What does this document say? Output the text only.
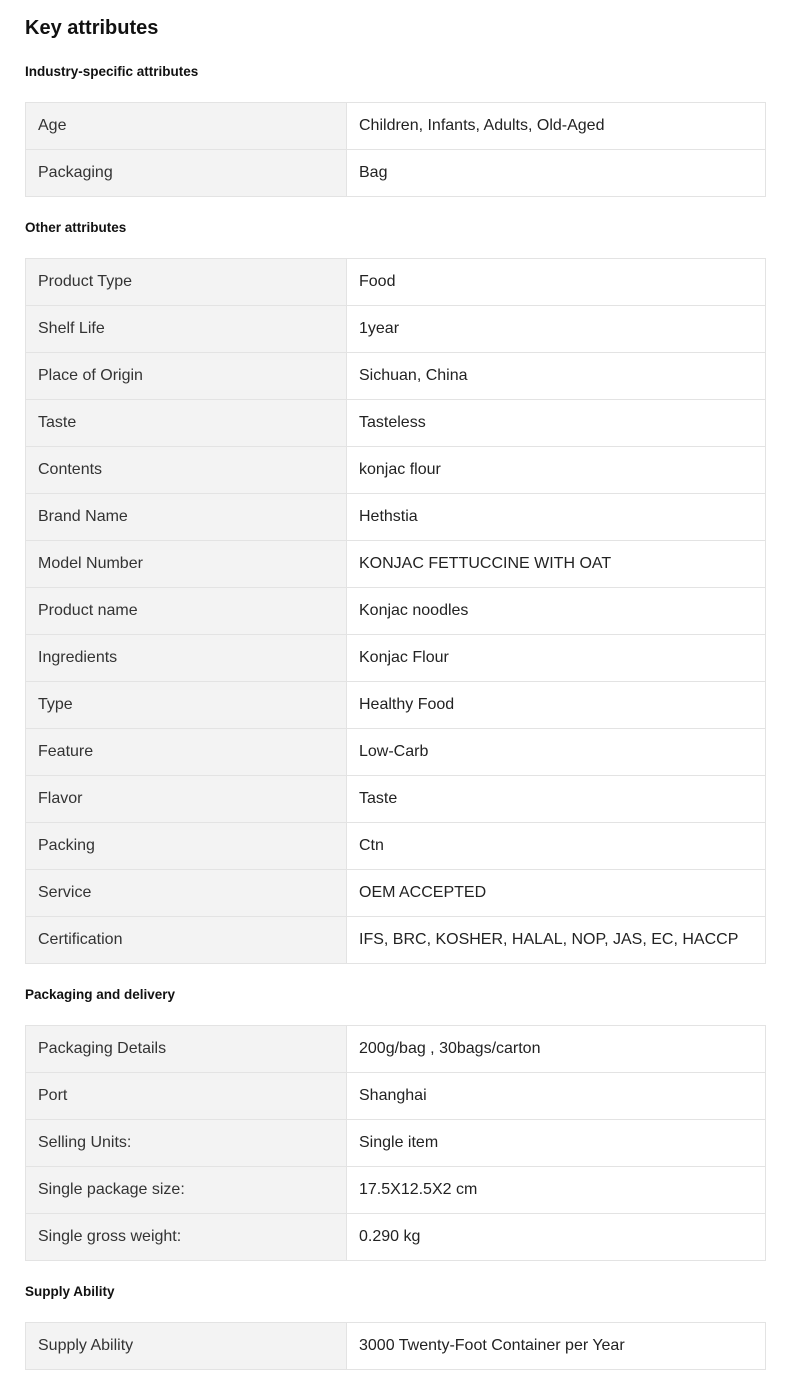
Key attributes
Industry-specific attributes
Age	Children, Infants, Adults, Old-Aged
Packaging	Bag
Other attributes
Product Type	Food
Shelf Life	1year
Place of Origin	Sichuan, China
Taste	Tasteless
Contents	konjac flour
Brand Name	Hethstia
Model Number	KONJAC FETTUCCINE WITH OAT
Product name	Konjac noodles
Ingredients	Konjac Flour
Type	Healthy Food
Feature	Low-Carb
Flavor	Taste
Packing	Ctn
Service	OEM ACCEPTED
Certification	IFS, BRC, KOSHER, HALAL, NOP, JAS, EC, HACCP
Packaging and delivery
Packaging Details	200g/bag , 30bags/carton
Port	Shanghai
Selling Units:	Single item
Single package size:	17.5X12.5X2 cm
Single gross weight:	0.290 kg
Supply Ability
Supply Ability	3000 Twenty-Foot Container per Year
